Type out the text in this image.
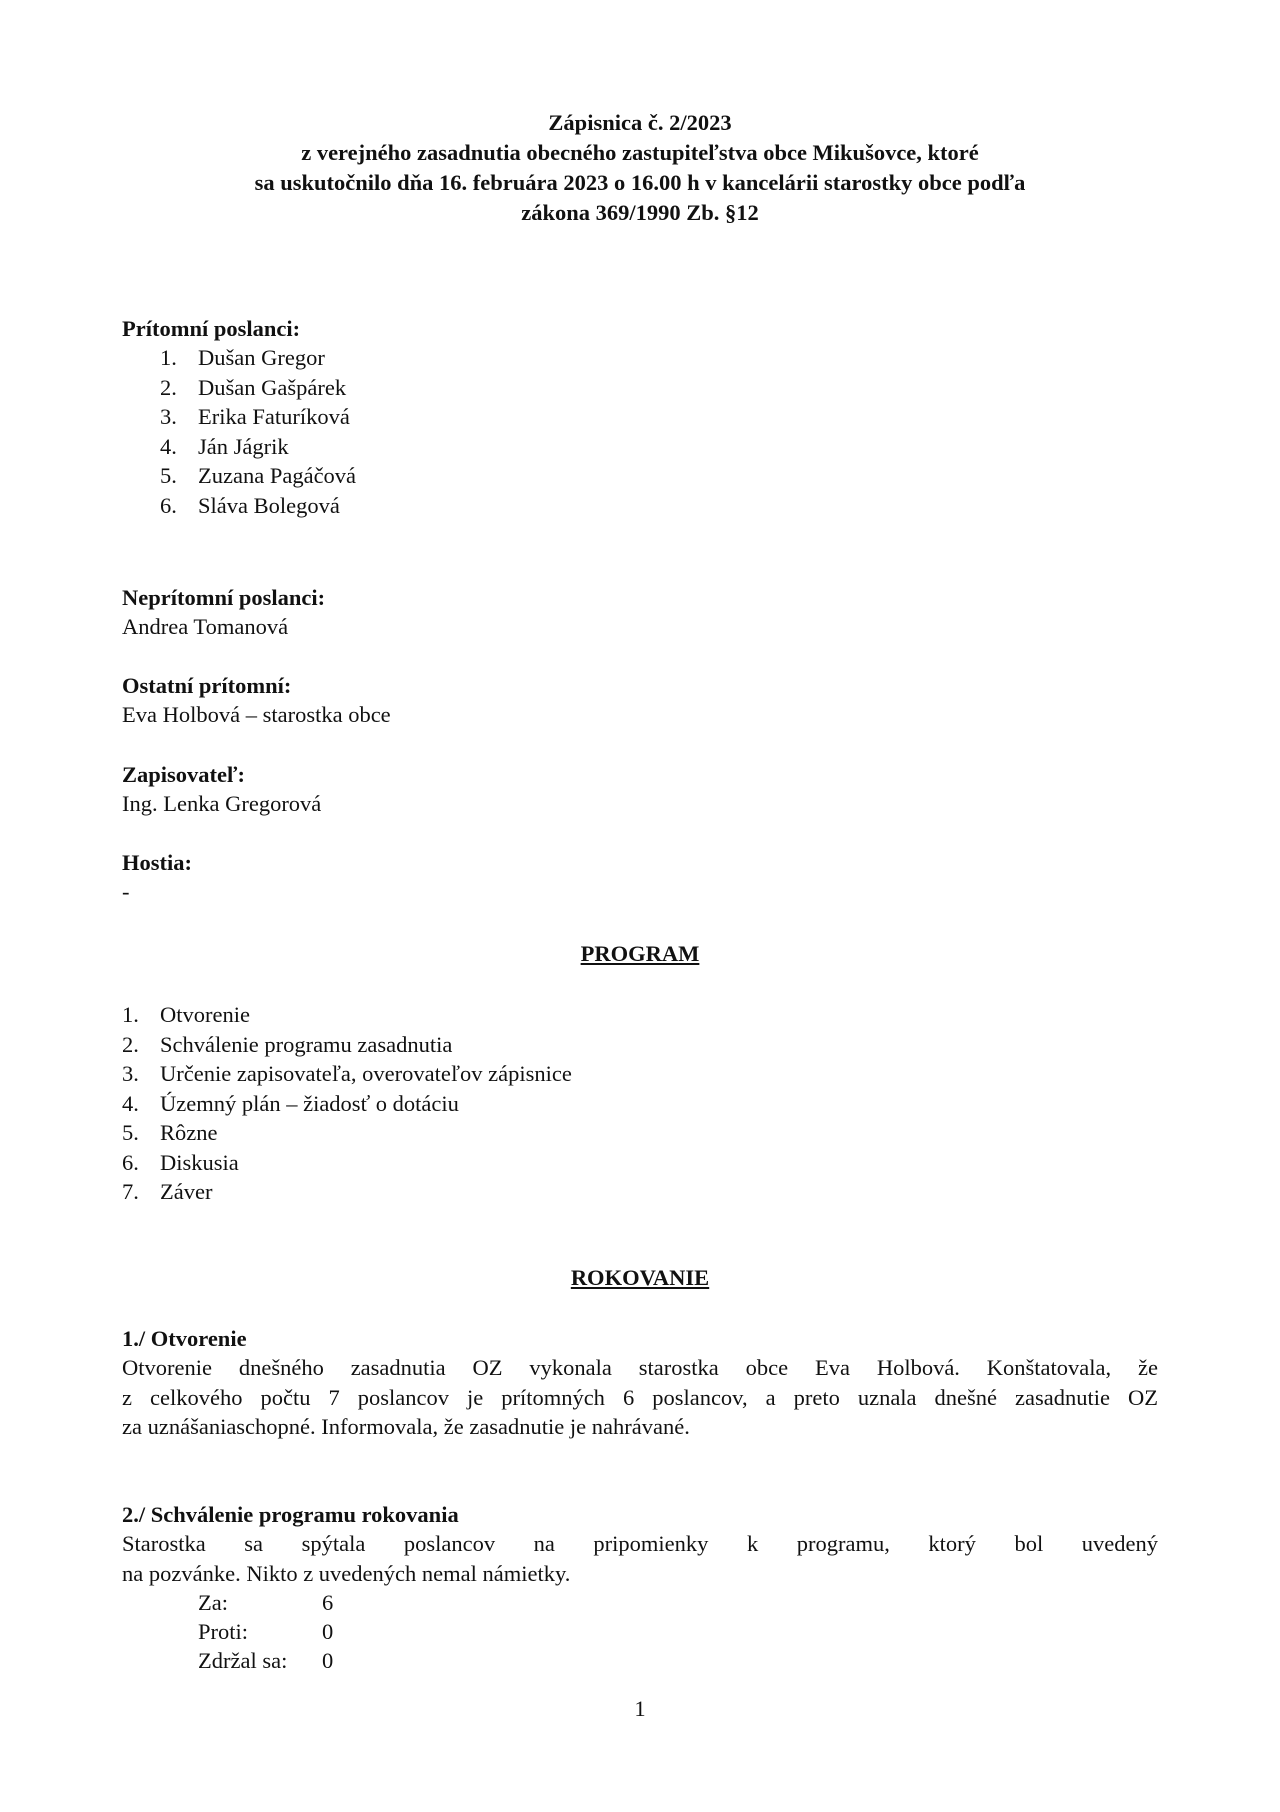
Zápisnica č. 2/2023
z verejného zasadnutia obecného zastupiteľstva obce Mikušovce, ktoré
sa uskutočnilo dňa 16. februára 2023 o 16.00 h v kancelárii starostky obce podľa
zákona 369/1990 Zb. §12
Prítomní poslanci:
1. Dušan Gregor
2. Dušan Gašpárek
3. Erika Faturíková
4. Ján Jágrik
5. Zuzana Pagáčová
6. Sláva Bolegová
Neprítomní poslanci:
Andrea Tomanová
Ostatní prítomní:
Eva Holbová – starostka obce
Zapisovateľ:
Ing. Lenka Gregorová
Hostia:
-
PROGRAM
1. Otvorenie
2. Schválenie programu zasadnutia
3. Určenie zapisovateľa, overovateľov zápisnice
4. Územný plán – žiadosť o dotáciu
5. Rôzne
6. Diskusia
7. Záver
ROKOVANIE
1./ Otvorenie
Otvorenie dnešného zasadnutia OZ vykonala starostka obce Eva Holbová. Konštatovala, že
z celkového počtu 7 poslancov je prítomných 6 poslancov, a preto uznala dnešné zasadnutie OZ
za uznášaniaschopné. Informovala, že zasadnutie je nahrávané.
2./ Schválenie programu rokovania
Starostka sa spýtala poslancov na pripomienky k programu, ktorý bol uvedený
na pozvánke. Nikto z uvedených nemal námietky.
Za:	6
Proti:	0
Zdržal sa: 0
1
